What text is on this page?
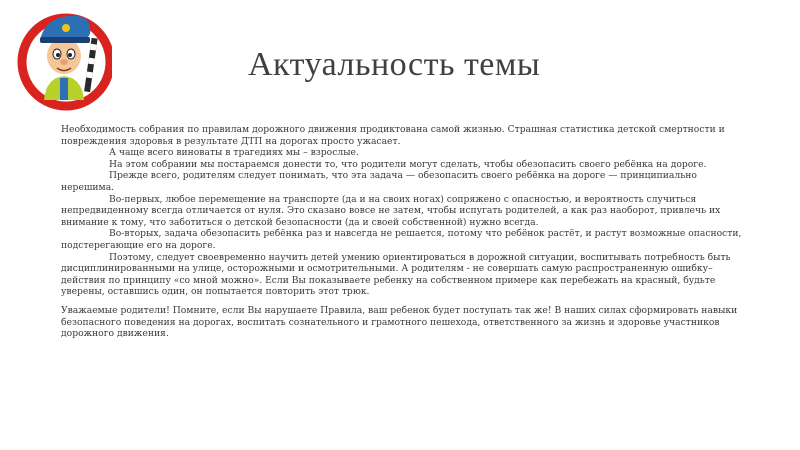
Актуальность темы

Необходимость собрания по правилам дорожного движения продиктована самой жизнью. Страшная статистика детской смертности и повреждения здоровья в результате ДТП на дорогах просто ужасает.

А чаще всего виноваты в трагедиях мы – взрослые.

На этом собрании мы постараемся донести то, что родители могут сделать, чтобы обезопасить своего ребёнка на дороге.

Прежде всего, родителям следует понимать, что эта задача — обезопасить своего ребёнка на дороге — принципиально нерешима.

Во-первых, любое перемещение на транспорте (да и на своих ногах) сопряжено с опасностью, и вероятность случиться непредвиденному всегда отличается от нуля. Это сказано вовсе не затем, чтобы испугать родителей, а как раз наоборот, привлечь их внимание к тому, что заботиться о детской безопасности (да и своей собственной) нужно всегда.

Во-вторых, задача обезопасить ребёнка раз и навсегда не решается, потому что ребёнок растёт, и растут возможные опасности, подстерегающие его на дороге.

Поэтому, следует своевременно научить детей умению ориентироваться в дорожной ситуации, воспитывать потребность быть дисциплинированными на улице, осторожными и осмотрительными. А родителям - не совершать самую распространенную ошибку– действия по принципу «со мной можно». Если Вы показываете ребенку на собственном примере как перебежать на красный, будьте уверены, оставшись один, он попытается повторить этот трюк.

Уважаемые родители! Помните, если Вы нарушаете Правила, ваш ребенок будет поступать так же! В наших силах сформировать навыки безопасного поведения на дорогах, воспитать сознательного и грамотного пешехода, ответственного за жизнь и здоровье участников дорожного движения.
